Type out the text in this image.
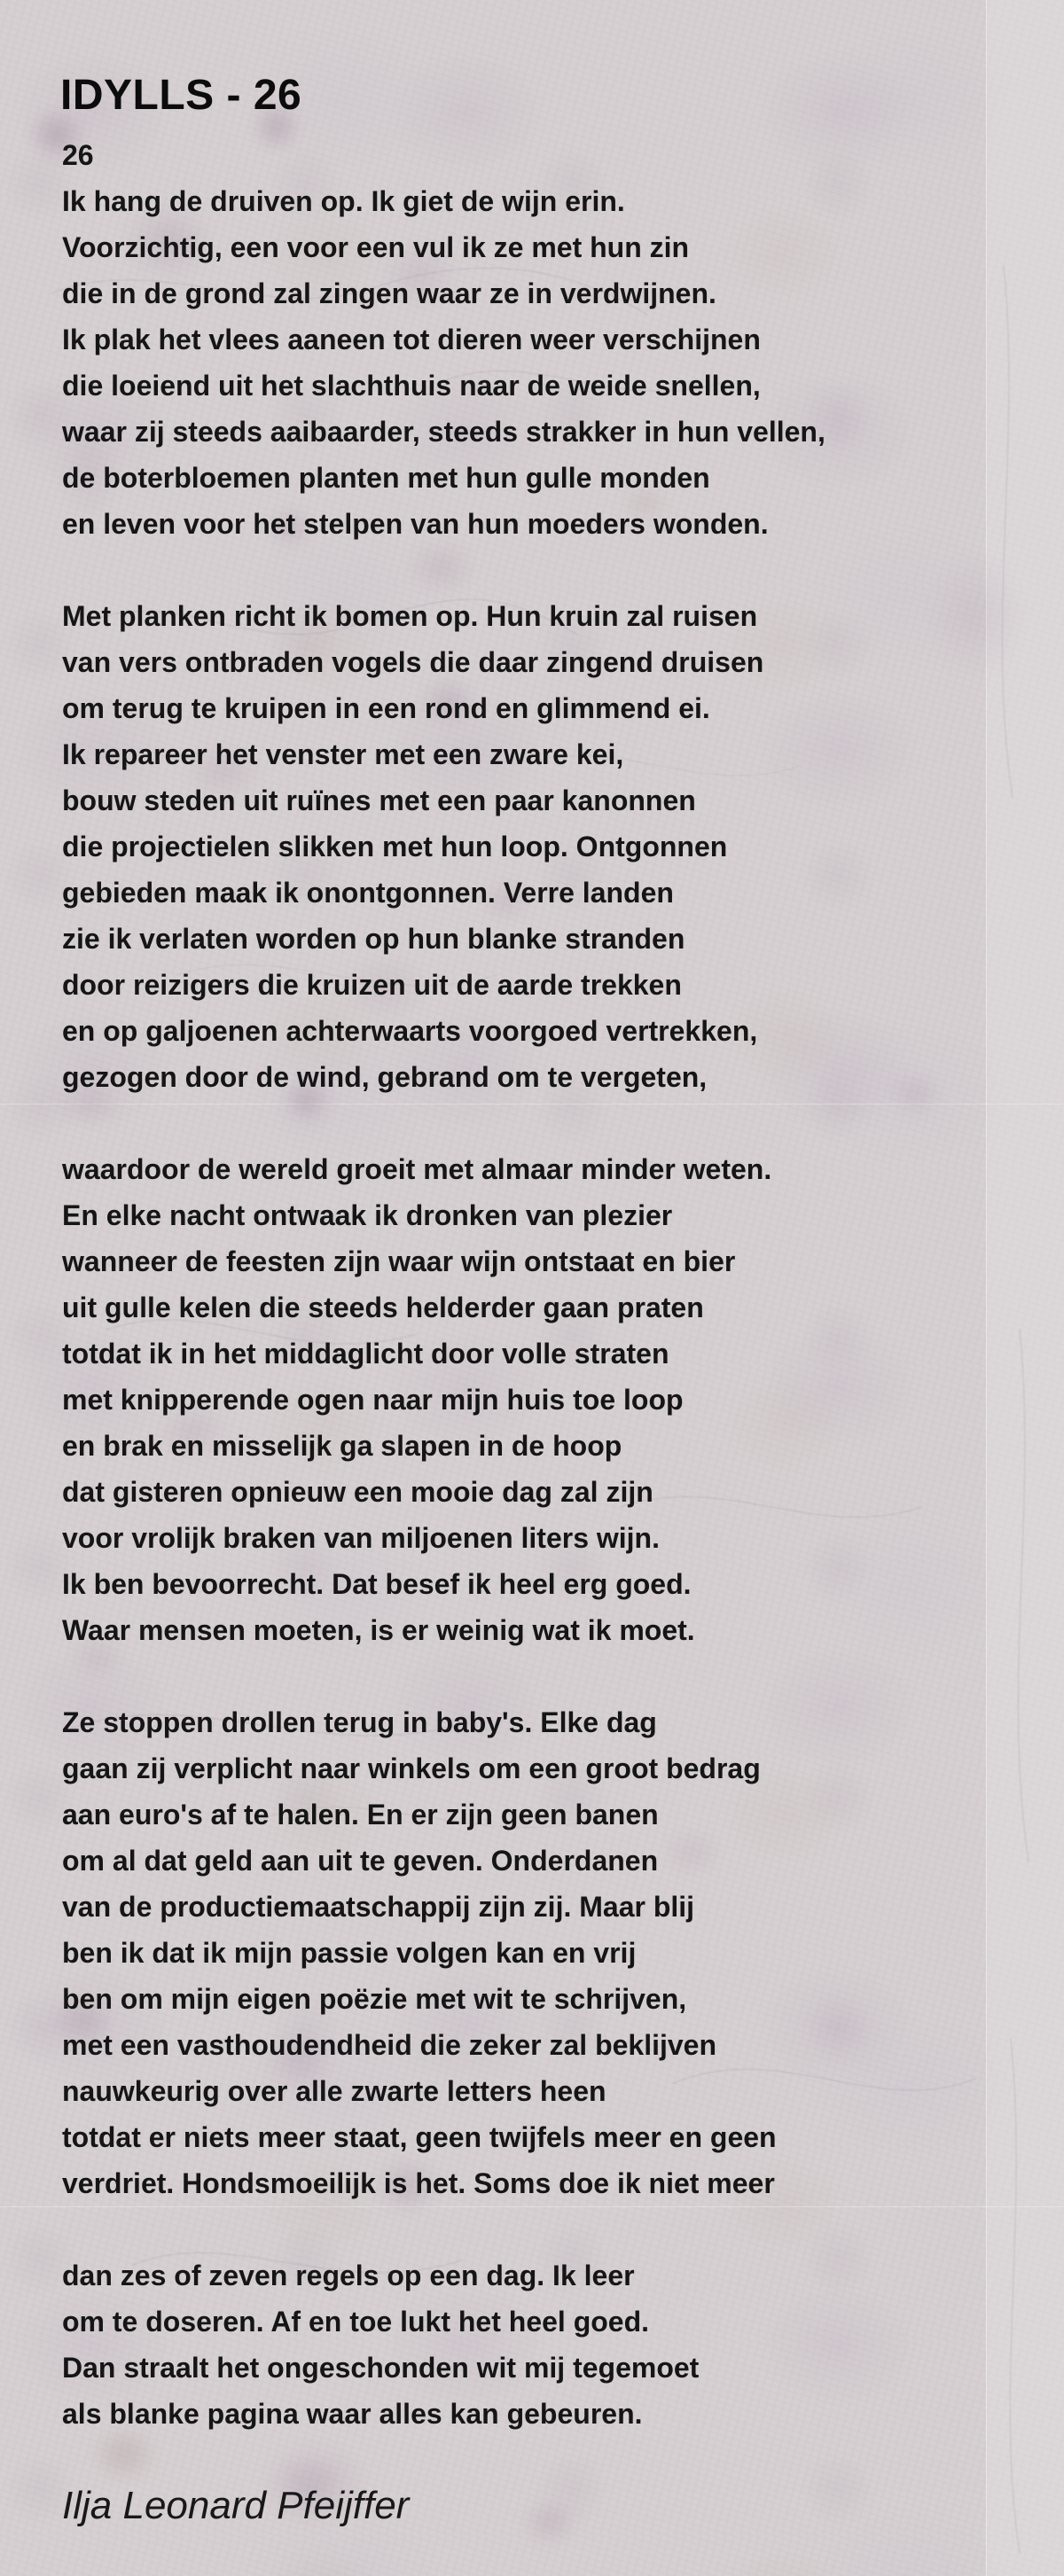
IDYLLS - 26
26

Ik hang de druiven op. Ik giet de wijn erin.
Voorzichtig, een voor een vul ik ze met hun zin
die in de grond zal zingen waar ze in verdwijnen.
Ik plak het vlees aaneen tot dieren weer verschijnen
die loeiend uit het slachthuis naar de weide snellen,
waar zij steeds aaibaarder, steeds strakker in hun vellen,
de boterbloemen planten met hun gulle monden
en leven voor het stelpen van hun moeders wonden.

Met planken richt ik bomen op. Hun kruin zal ruisen
van vers ontbraden vogels die daar zingend druisen
om terug te kruipen in een rond en glimmend ei.
Ik repareer het venster met een zware kei,
bouw steden uit ruïnes met een paar kanonnen
die projectielen slikken met hun loop. Ontgonnen
gebieden maak ik onontgonnen. Verre landen
zie ik verlaten worden op hun blanke stranden
door reizigers die kruizen uit de aarde trekken
en op galjoenen achterwaarts voorgoed vertrekken,
gezogen door de wind, gebrand om te vergeten,

waardoor de wereld groeit met almaar minder weten.
En elke nacht ontwaak ik dronken van plezier
wanneer de feesten zijn waar wijn ontstaat en bier
uit gulle kelen die steeds helderder gaan praten
totdat ik in het middaglicht door volle straten
met knipperende ogen naar mijn huis toe loop
en brak en misselijk ga slapen in de hoop
dat gisteren opnieuw een mooie dag zal zijn
voor vrolijk braken van miljoenen liters wijn.
Ik ben bevoorrecht. Dat besef ik heel erg goed.
Waar mensen moeten, is er weinig wat ik moet.

Ze stoppen drollen terug in baby's. Elke dag
gaan zij verplicht naar winkels om een groot bedrag
aan euro's af te halen. En er zijn geen banen
om al dat geld aan uit te geven. Onderdanen
van de productiemaatschappij zijn zij. Maar blij
ben ik dat ik mijn passie volgen kan en vrij
ben om mijn eigen poëzie met wit te schrijven,
met een vasthoudendheid die zeker zal beklijven
nauwkeurig over alle zwarte letters heen
totdat er niets meer staat, geen twijfels meer en geen
verdriet. Hondsmoeilijk is het. Soms doe ik niet meer

dan zes of zeven regels op een dag. Ik leer
om te doseren. Af en toe lukt het heel goed.
Dan straalt het ongeschonden wit mij tegemoet
als blanke pagina waar alles kan gebeuren.

Ilja Leonard Pfeijffer
